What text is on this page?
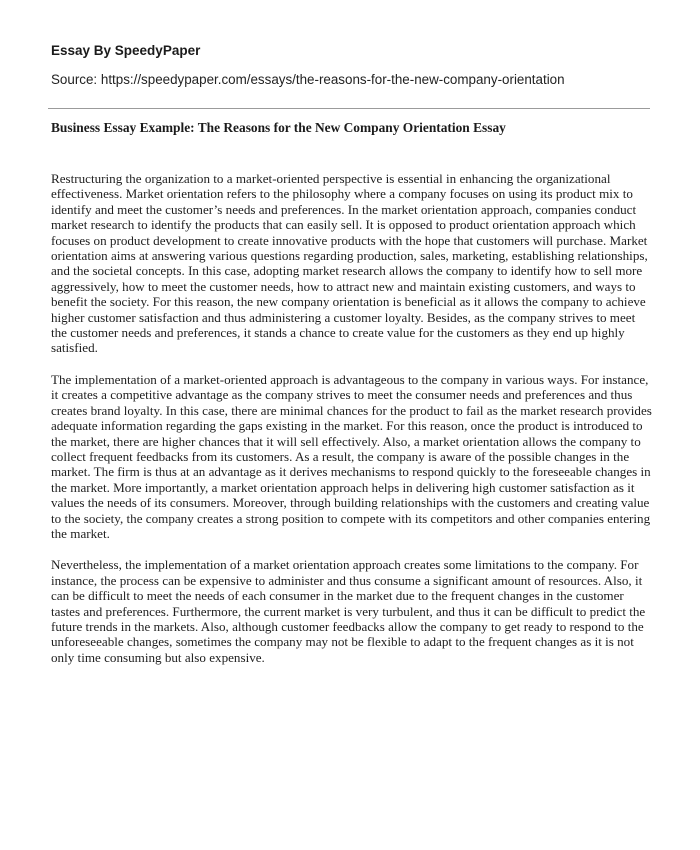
Essay By SpeedyPaper
Source: https://speedypaper.com/essays/the-reasons-for-the-new-company-orientation
Business Essay Example: The Reasons for the New Company Orientation Essay

Restructuring the organization to a market-oriented perspective is essential in enhancing the organizational effectiveness. Market orientation refers to the philosophy where a company focuses on using its product mix to identify and meet the customer’s needs and preferences. In the market orientation approach, companies conduct market research to identify the products that can easily sell. It is opposed to product orientation approach which focuses on product development to create innovative products with the hope that customers will purchase. Market orientation aims at answering various questions regarding production, sales, marketing, establishing relationships, and the societal concepts. In this case, adopting market research allows the company to identify how to sell more aggressively, how to meet the customer needs, how to attract new and maintain existing customers, and ways to benefit the society. For this reason, the new company orientation is beneficial as it allows the company to achieve higher customer satisfaction and thus administering a customer loyalty. Besides, as the company strives to meet the customer needs and preferences, it stands a chance to create value for the customers as they end up highly satisfied.

The implementation of a market-oriented approach is advantageous to the company in various ways. For instance, it creates a competitive advantage as the company strives to meet the consumer needs and preferences and thus creates brand loyalty. In this case, there are minimal chances for the product to fail as the market research provides adequate information regarding the gaps existing in the market. For this reason, once the product is introduced to the market, there are higher chances that it will sell effectively. Also, a market orientation allows the company to collect frequent feedbacks from its customers. As a result, the company is aware of the possible changes in the market. The firm is thus at an advantage as it derives mechanisms to respond quickly to the foreseeable changes in the market. More importantly, a market orientation approach helps in delivering high customer satisfaction as it values the needs of its consumers. Moreover, through building relationships with the customers and creating value to the society, the company creates a strong position to compete with its competitors and other companies entering the market.

Nevertheless, the implementation of a market orientation approach creates some limitations to the company. For instance, the process can be expensive to administer and thus consume a significant amount of resources. Also, it can be difficult to meet the needs of each consumer in the market due to the frequent changes in the customer tastes and preferences. Furthermore, the current market is very turbulent, and thus it can be difficult to predict the future trends in the markets. Also, although customer feedbacks allow the company to get ready to respond to the unforeseeable changes, sometimes the company may not be flexible to adapt to the frequent changes as it is not only time consuming but also expensive.
